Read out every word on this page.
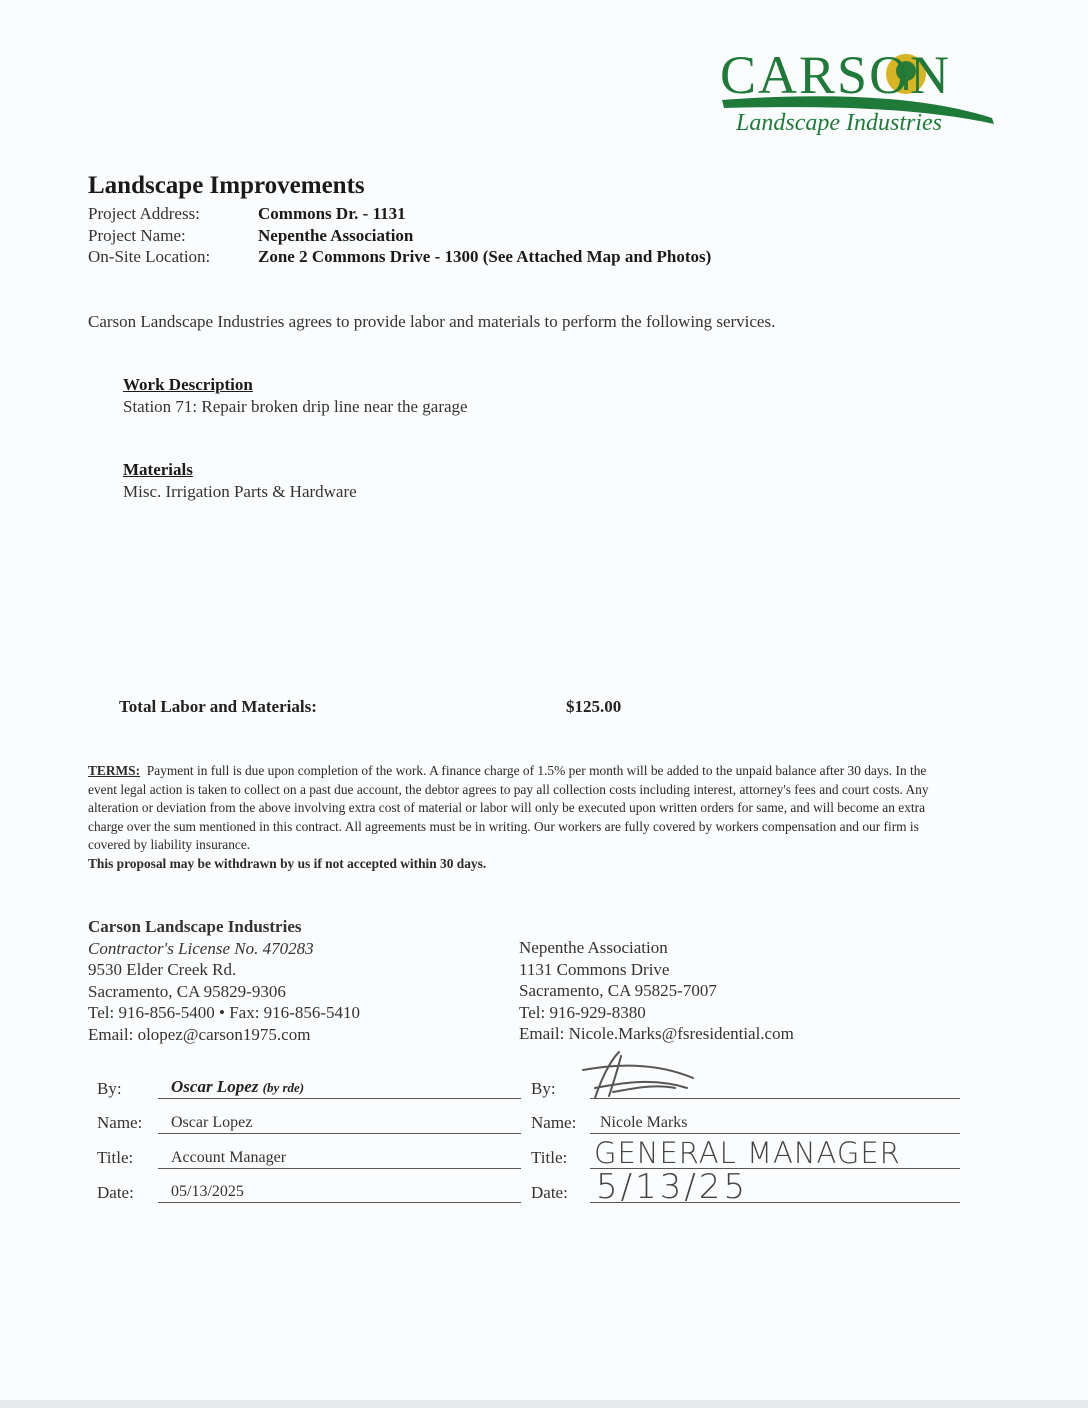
CARSON
Landscape Industries
Landscape Improvements
Project Address:	Commons Dr. - 1131
Project Name:	Nepenthe Association
On-Site Location:	Zone 2 Commons Drive - 1300 (See Attached Map and Photos)
Carson Landscape Industries agrees to provide labor and materials to perform the following services.
Work Description
Station 71: Repair broken drip line near the garage
Materials
Misc. Irrigation Parts & Hardware
Total Labor and Materials:	$125.00
TERMS: Payment in full is due upon completion of the work. A finance charge of 1.5% per month will be added to the unpaid balance after 30 days. In the event legal action is taken to collect on a past due account, the debtor agrees to pay all collection costs including interest, attorney's fees and court costs. Any alteration or deviation from the above involving extra cost of material or labor will only be executed upon written orders for same, and will become an extra charge over the sum mentioned in this contract. All agreements must be in writing. Our workers are fully covered by workers compensation and our firm is covered by liability insurance.
This proposal may be withdrawn by us if not accepted within 30 days.
Carson Landscape Industries
Contractor's License No. 470283
9530 Elder Creek Rd.
Sacramento, CA 95829-9306
Tel: 916-856-5400 • Fax: 916-856-5410
Email: olopez@carson1975.com
Nepenthe Association
1131 Commons Drive
Sacramento, CA 95825-7007
Tel: 916-929-8380
Email: Nicole.Marks@fsresidential.com
By:	Oscar Lopez (by rde)
Name: Oscar Lopez
Title: Account Manager
Date: 05/13/2025
By:
Name: Nicole Marks
Title: GENERAL MANAGER
Date: 5/13/25
